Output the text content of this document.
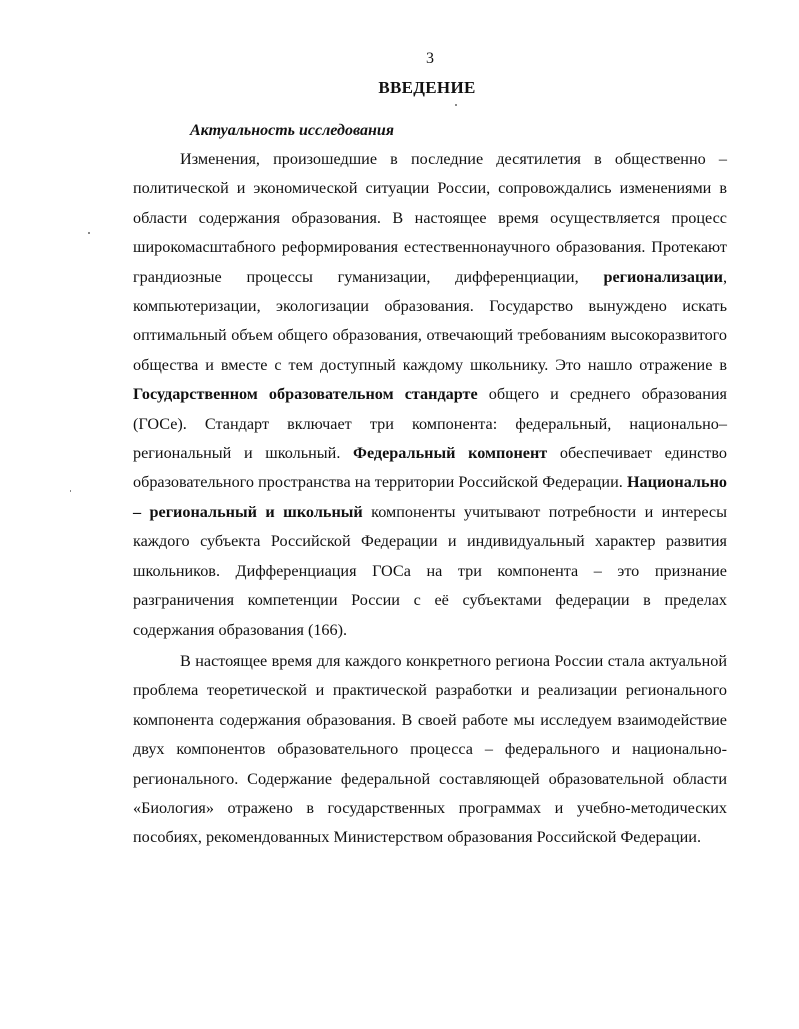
3
ВВЕДЕНИЕ
Актуальность исследования

Изменения, произошедшие в последние десятилетия в общественно – политической и экономической ситуации России, сопровождались изменениями в области содержания образования. В настоящее время осуществляется процесс широкомасштабного реформирования естественнонаучного образования. Протекают грандиозные процессы гуманизации, дифференциации, регионализации, компьютеризации, экологизации образования. Государство вынуждено искать оптимальный объем общего образования, отвечающий требованиям высокоразвитого общества и вместе с тем доступный каждому школьнику. Это нашло отражение в Государственном образовательном стандарте общего и среднего образования (ГОСе). Стандарт включает три компонента: федеральный, национально–региональный и школьный. Федеральный компонент обеспечивает единство образовательного пространства на территории Российской Федерации. Национально – региональный и школьный компоненты учитывают потребности и интересы каждого субъекта Российской Федерации и индивидуальный характер развития школьников. Дифференциация ГОСа на три компонента – это признание разграничения компетенции России с её субъектами федерации в пределах содержания образования (166).

В настоящее время для каждого конкретного региона России стала актуальной проблема теоретической и практической разработки и реализации регионального компонента содержания образования. В своей работе мы исследуем взаимодействие двух компонентов образовательного процесса – федерального и национально-регионального. Содержание федеральной составляющей образовательной области «Биология» отражено в государственных программах и учебно-методических пособиях, рекомендованных Министерством образования Российской Федерации.
